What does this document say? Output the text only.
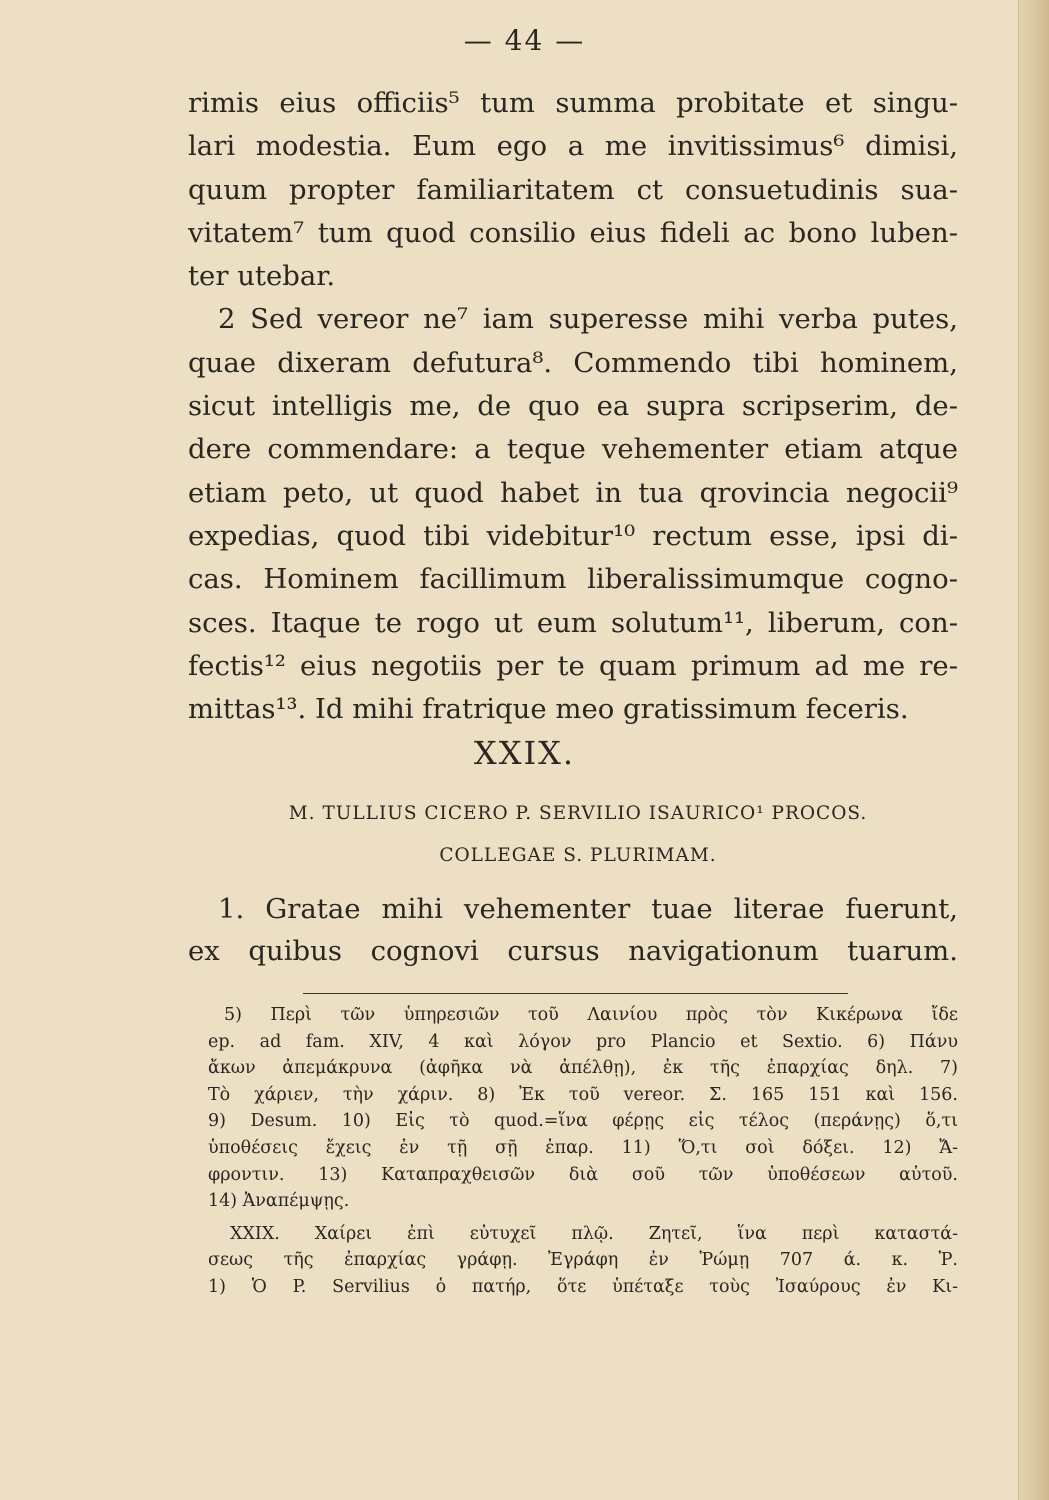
— 44 —
rimis eius officiis⁵ tum summa probitate et singu-
lari modestia. Eum ego a me invitissimus⁶ dimisi,
quum propter familiaritatem ct consuetudinis sua-
vitatem⁷ tum quod consilio eius fideli ac bono luben-
ter utebar.
2 Sed vereor ne⁷ iam superesse mihi verba putes,
quae dixeram defutura⁸. Commendo tibi hominem,
sicut intelligis me, de quo ea supra scripserim, de-
dere commendare: a teque vehementer etiam atque
etiam peto, ut quod habet in tua qrovincia negocii⁹
expedias, quod tibi videbitur¹⁰ rectum esse, ipsi di-
cas. Hominem facillimum liberalissimumque cogno-
sces. Itaque te rogo ut eum solutum¹¹, liberum, con-
fectis¹² eius negotiis per te quam primum ad me re-
mittas¹³. Id mihi fratrique meo gratissimum feceris.
XXIX.
M. TULLIUS CICERO P. SERVILIO ISAURICO¹ PROCOS.
COLLEGAE S. PLURIMAM.
1. Gratae mihi vehementer tuae literae fuerunt,
ex quibus cognovi cursus navigationum tuarum.
5) Περὶ τῶν ὑπηρεσιῶν τοῦ Λαινίου πρὸς τὸν Κικέρωνα ἴδε
ep. ad fam. XIV, 4 καὶ λόγον pro Plancio et Sextio. 6) Πάνυ
ἄκων ἀπεμάκρυνα (ἀφῆκα νὰ ἀπέλθῃ), ἐκ τῆς ἐπαρχίας δηλ. 7)
Τὸ χάριεν, τὴν χάριν. 8) Ἐκ τοῦ vereor. Σ. 165 151 καὶ 156.
9) Desum. 10) Εἰς τὸ quod.=ἵνα φέρῃς εἰς τέλος (περάνῃς) ὅ,τι
ὑποθέσεις ἔχεις ἐν τῇ σῇ ἐπαρ. 11) Ὅ,τι σοὶ δόξει. 12) Ἄ-
φροντιν. 13) Καταπραχθεισῶν διὰ σοῦ τῶν ὑποθέσεων αὐτοῦ.
14) Ἀναπέμψῃς.
XXIX. Χαίρει ἐπὶ εὐτυχεῖ πλῷ. Ζητεῖ, ἵνα περὶ καταστά-
σεως τῆς ἐπαρχίας γράφῃ. Ἐγράφη ἐν Ῥώμῃ 707 ά. κ. Ῥ.
1) Ὁ P. Servilius ὁ πατήρ, ὅτε ὑπέταξε τοὺς Ἰσαύρους ἐν Κι-
